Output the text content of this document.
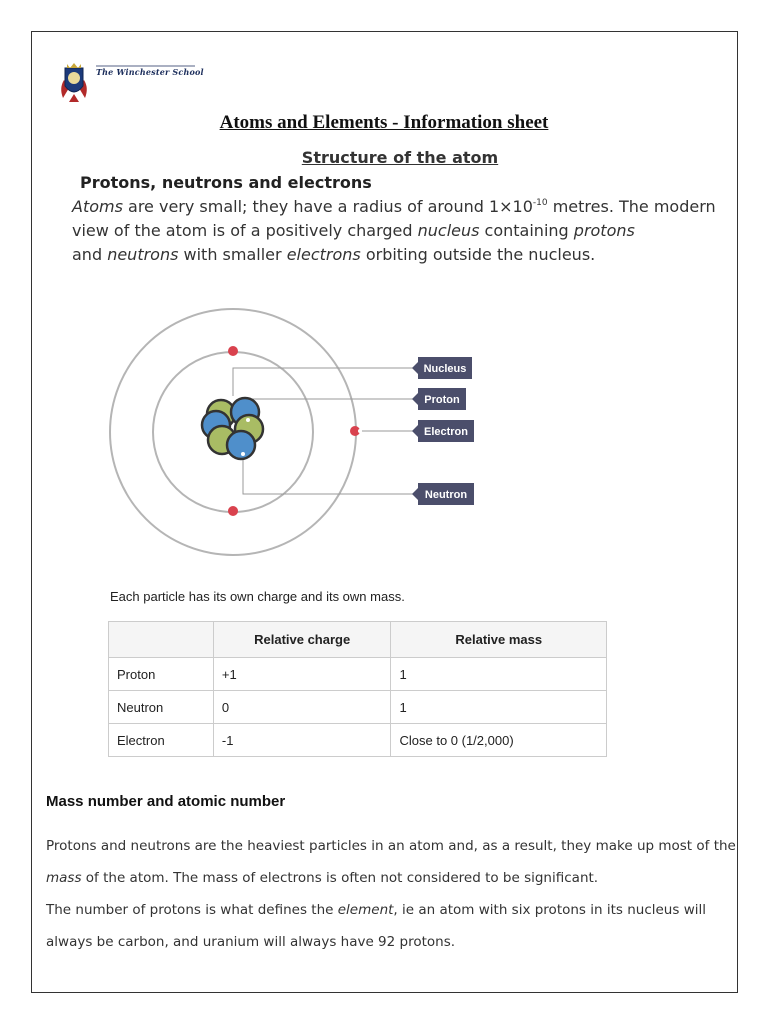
The Winchester School
Atoms and Elements - Information sheet
Structure of the atom
Protons, neutrons and electrons
Atoms are very small; they have a radius of around $1\times 10^{-10}$ metres. The modern view of the atom is of a positively charged nucleus containing protons
and neutrons with smaller electrons orbiting outside the nucleus.
Nucleus
Proton
Electron
Neutron
Each particle has its own charge and its own mass.
	Relative charge	Relative mass
Proton	+1	1
Neutron	0	1
Electron	-1	Close to 0 (1/2,000)
Mass number and atomic number
Protons and neutrons are the heaviest particles in an atom and, as a result, they make up most of the mass of the atom. The mass of electrons is often not considered to be significant.
The number of protons is what defines the element, ie an atom with six protons in its nucleus will always be carbon, and uranium will always have 92 protons.
